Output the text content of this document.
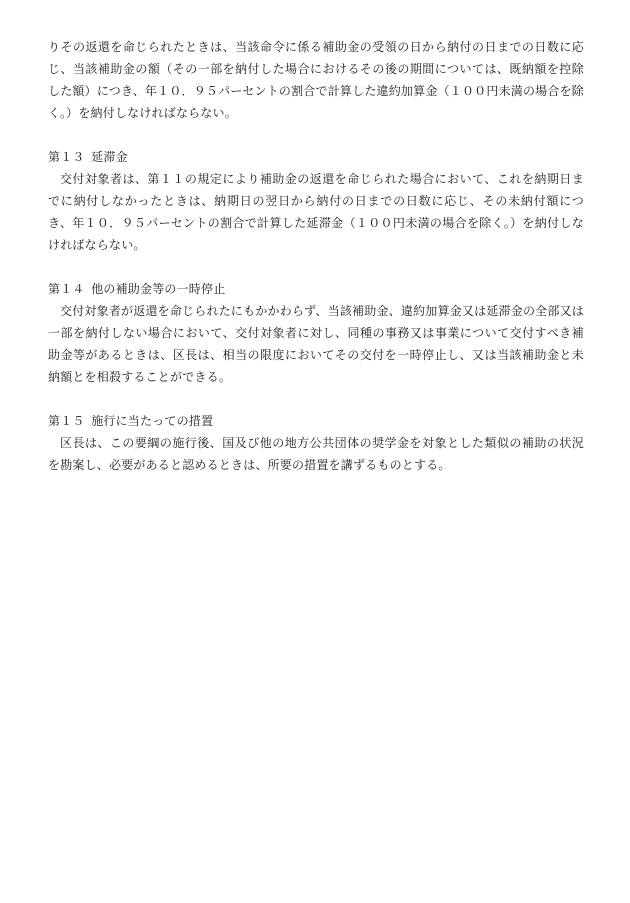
りその返還を命じられたときは、当該命令に係る補助金の受領の日から納付の日までの日数に応じ、当該補助金の額（その一部を納付した場合におけるその後の期間については、既納額を控除した額）につき、年１０．９５パーセントの割合で計算した違約加算金（１００円未満の場合を除く。）を納付しなければならない。

第１３ 延滞金

交付対象者は、第１１の規定により補助金の返還を命じられた場合において、これを納期日までに納付しなかったときは、納期日の翌日から納付の日までの日数に応じ、その未納付額につき、年１０．９５パーセントの割合で計算した延滞金（１００円未満の場合を除く。）を納付しなければならない。

第１４ 他の補助金等の一時停止

交付対象者が返還を命じられたにもかかわらず、当該補助金、違約加算金又は延滞金の全部又は一部を納付しない場合において、交付対象者に対し、同種の事務又は事業について交付すべき補助金等があるときは、区長は、相当の限度においてその交付を一時停止し、又は当該補助金と未納額とを相殺することができる。

第１５ 施行に当たっての措置

区長は、この要綱の施行後、国及び他の地方公共団体の奨学金を対象とした類似の補助の状況を勘案し、必要があると認めるときは、所要の措置を講ずるものとする。
